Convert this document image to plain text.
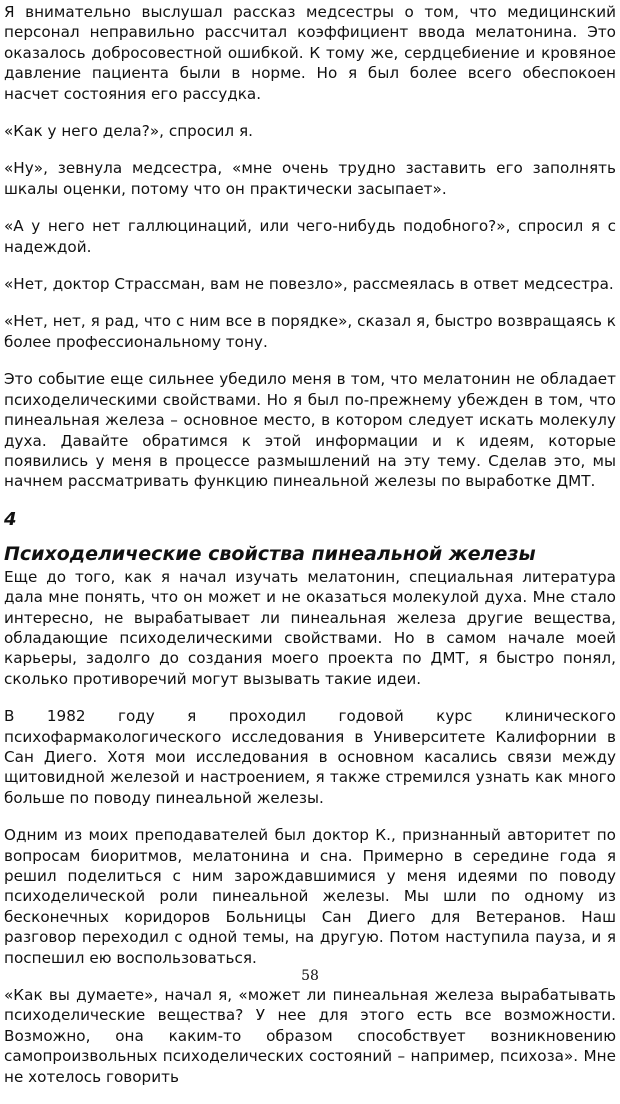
Я внимательно выслушал рассказ медсестры о том, что медицинский персонал неправильно рассчитал коэффициент ввода мелатонина. Это оказалось добросовестной ошибкой. К тому же, сердцебиение и кровяное давление пациента были в норме. Но я был более всего обеспокоен насчет состояния его рассудка.

«Как у него дела?», спросил я.

«Ну», зевнула медсестра, «мне очень трудно заставить его заполнять шкалы оценки, потому что он практически засыпает».

«А у него нет галлюцинаций, или чего-нибудь подобного?», спросил я с надеждой.

«Нет, доктор Страссман, вам не повезло», рассмеялась в ответ медсестра.

«Нет, нет, я рад, что с ним все в порядке», сказал я, быстро возвращаясь к более профессиональному тону.

Это событие еще сильнее убедило меня в том, что мелатонин не обладает психоделическими свойствами. Но я был по-прежнему убежден в том, что пинеальная железа – основное место, в котором следует искать молекулу духа. Давайте обратимся к этой информации и к идеям, которые появились у меня в процессе размышлений на эту тему. Сделав это, мы начнем рассматривать функцию пинеальной железы по выработке ДМТ.

4
Психоделические свойства пинеальной железы

Еще до того, как я начал изучать мелатонин, специальная литература дала мне понять, что он может и не оказаться молекулой духа. Мне стало интересно, не вырабатывает ли пинеальная железа другие вещества, обладающие психоделическими свойствами. Но в самом начале моей карьеры, задолго до создания моего проекта по ДМТ, я быстро понял, сколько противоречий могут вызывать такие идеи.

В 1982 году я проходил годовой курс клинического психофармакологического исследования в Университете Калифорнии в Сан Диего. Хотя мои исследования в основном касались связи между щитовидной железой и настроением, я также стремился узнать как много больше по поводу пинеальной железы.

Одним из моих преподавателей был доктор К., признанный авторитет по вопросам биоритмов, мелатонина и сна. Примерно в середине года я решил поделиться с ним зарождавшимися у меня идеями по поводу психоделической роли пинеальной железы. Мы шли по одному из бесконечных коридоров Больницы Сан Диего для Ветеранов. Наш разговор переходил с одной темы, на другую. Потом наступила пауза, и я поспешил ею воспользоваться.

«Как вы думаете», начал я, «может ли пинеальная железа вырабатывать психоделические вещества? У нее для этого есть все возможности. Возможно, она каким-то образом способствует возникновению самопроизвольных психоделических состояний – например, психоза». Мне не хотелось говорить

58
